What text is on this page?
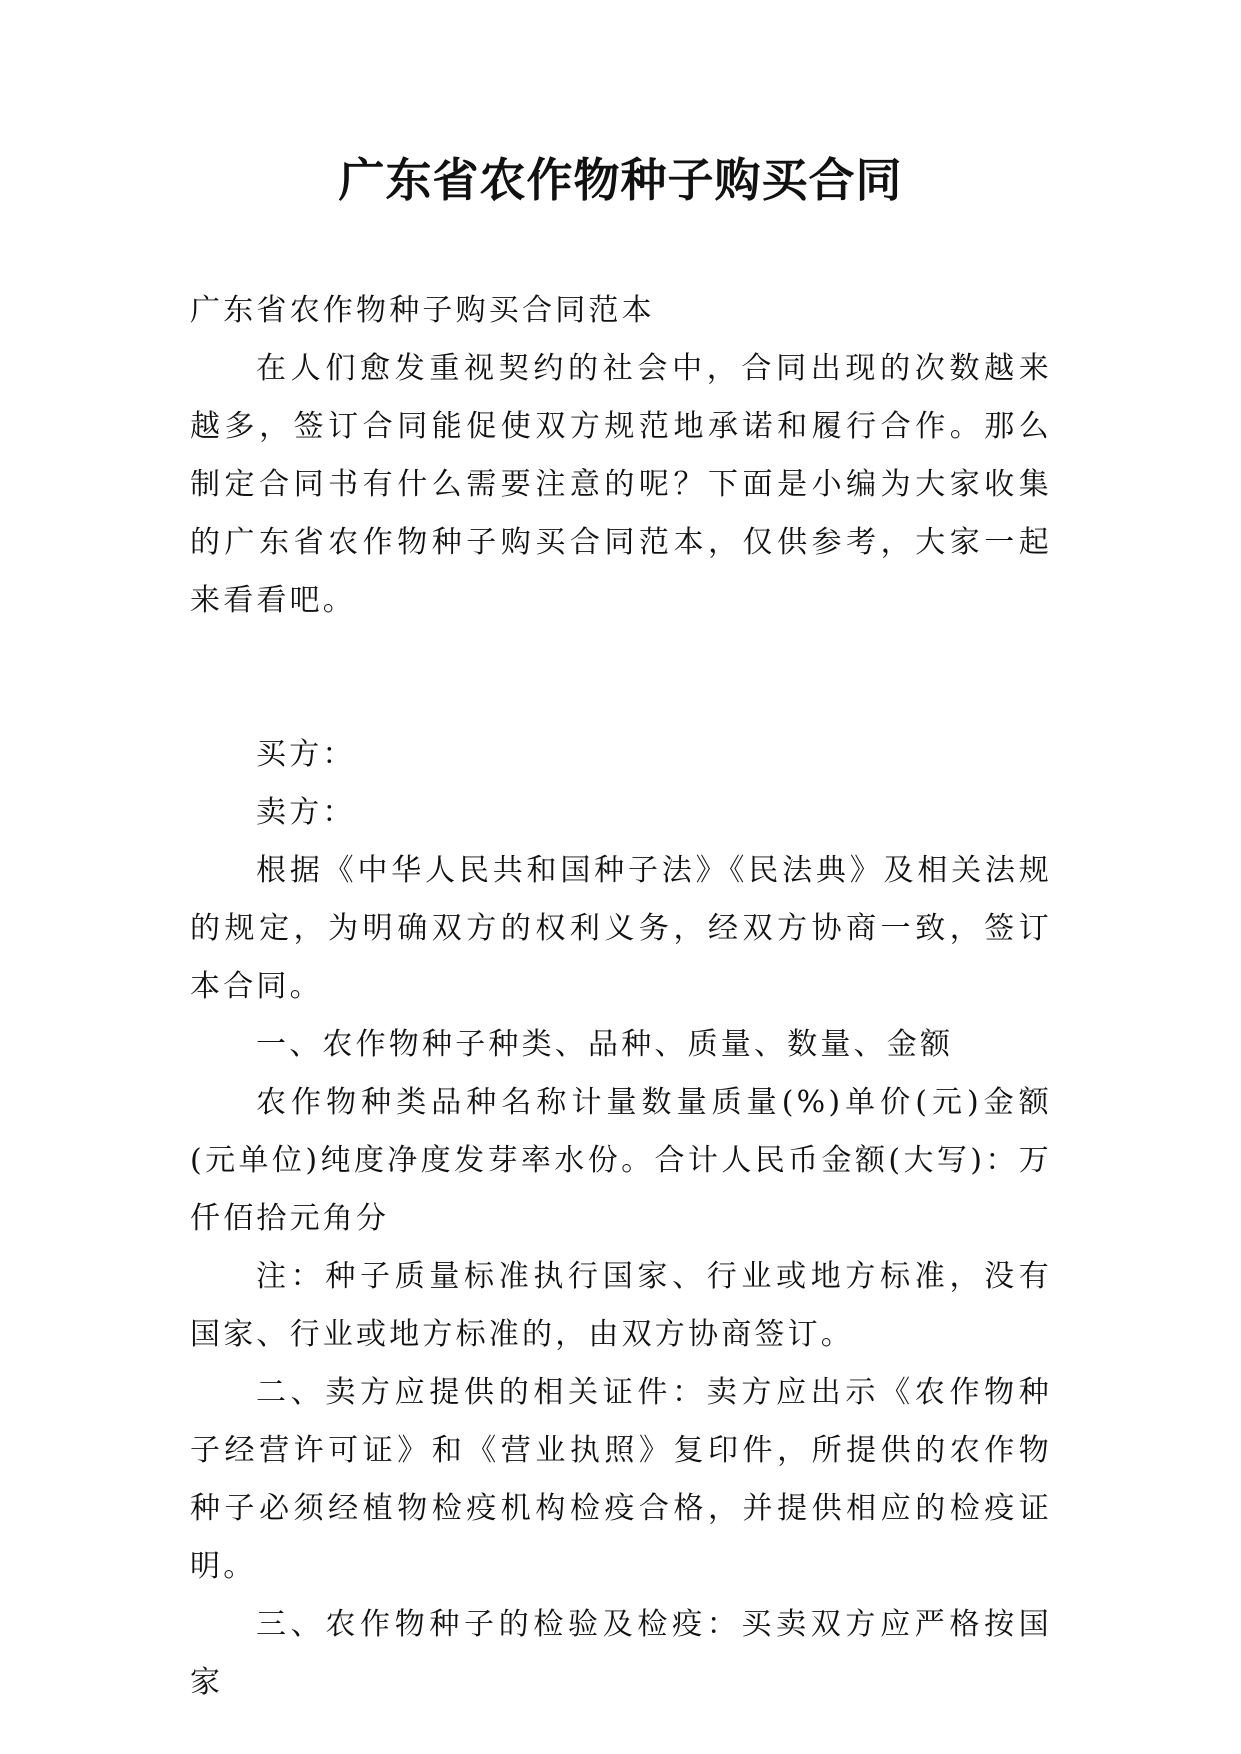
广东省农作物种子购买合同

广东省农作物种子购买合同范本

在人们愈发重视契约的社会中，合同出现的次数越来越多，签订合同能促使双方规范地承诺和履行合作。那么制定合同书有什么需要注意的呢？下面是小编为大家收集的广东省农作物种子购买合同范本，仅供参考，大家一起来看看吧。

买方：

卖方：

根据《中华人民共和国种子法》《民法典》及相关法规的规定，为明确双方的权利义务，经双方协商一致，签订本合同。

一、农作物种子种类、品种、质量、数量、金额

农作物种类品种名称计量数量质量(%)单价(元)金额(元单位)纯度净度发芽率水份。合计人民币金额(大写)：万仟佰拾元角分

注：种子质量标准执行国家、行业或地方标准，没有国家、行业或地方标准的，由双方协商签订。

二、卖方应提供的相关证件：卖方应出示《农作物种子经营许可证》和《营业执照》复印件，所提供的农作物种子必须经植物检疫机构检疫合格，并提供相应的检疫证明。

三、农作物种子的检验及检疫：买卖双方应严格按国家
